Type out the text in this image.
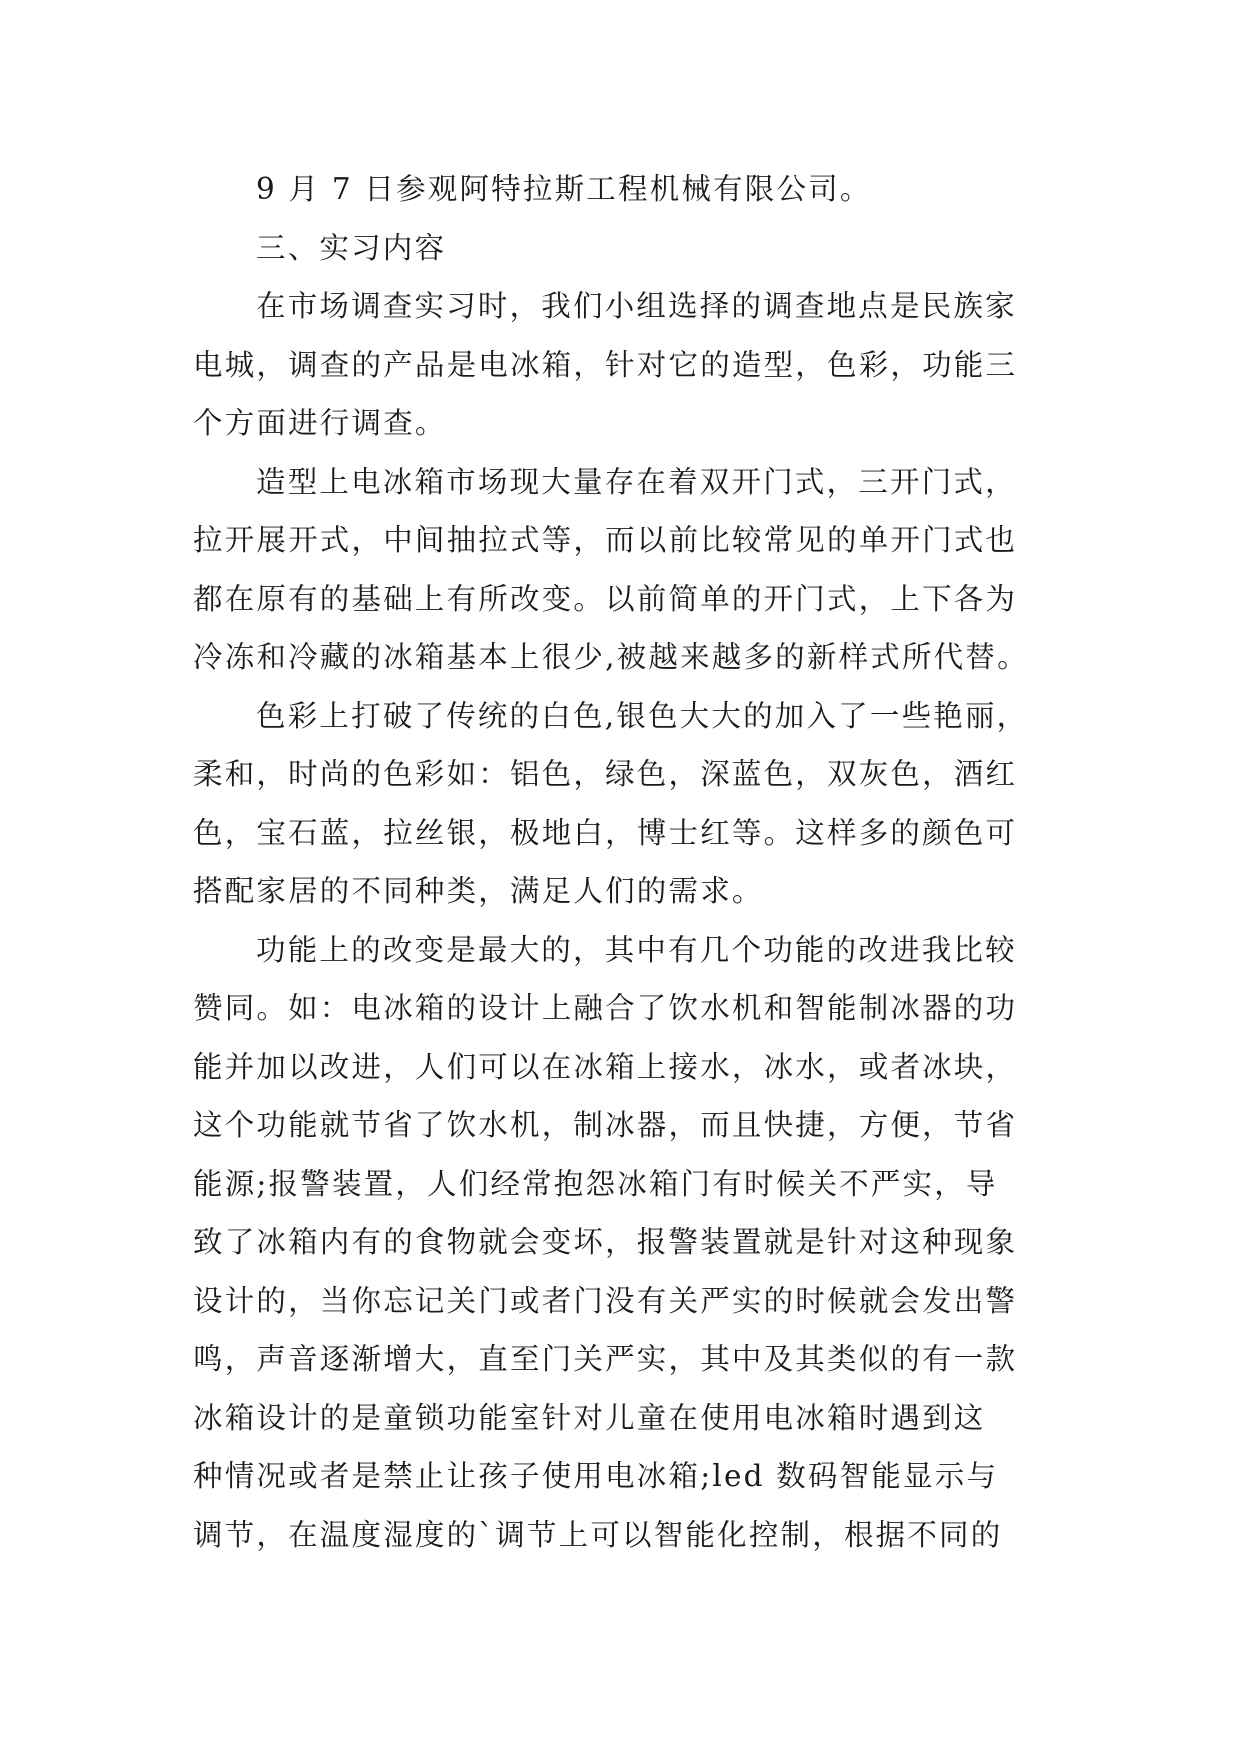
9 月 7 日参观阿特拉斯工程机械有限公司。
三、实习内容
在市场调查实习时，我们小组选择的调查地点是民族家
电城，调查的产品是电冰箱，针对它的造型，色彩，功能三
个方面进行调查。
造型上电冰箱市场现大量存在着双开门式，三开门式，
拉开展开式，中间抽拉式等，而以前比较常见的单开门式也
都在原有的基础上有所改变。以前简单的开门式，上下各为
冷冻和冷藏的冰箱基本上很少,被越来越多的新样式所代替。
色彩上打破了传统的白色,银色大大的加入了一些艳丽，
柔和，时尚的色彩如：铝色，绿色，深蓝色，双灰色，酒红
色，宝石蓝，拉丝银，极地白，博士红等。这样多的颜色可
搭配家居的不同种类，满足人们的需求。
功能上的改变是最大的，其中有几个功能的改进我比较
赞同。如：电冰箱的设计上融合了饮水机和智能制冰器的功
能并加以改进，人们可以在冰箱上接水，冰水，或者冰块，
这个功能就节省了饮水机，制冰器，而且快捷，方便，节省
能源;报警装置，人们经常抱怨冰箱门有时候关不严实，导
致了冰箱内有的食物就会变坏，报警装置就是针对这种现象
设计的，当你忘记关门或者门没有关严实的时候就会发出警
鸣，声音逐渐增大，直至门关严实，其中及其类似的有一款
冰箱设计的是童锁功能室针对儿童在使用电冰箱时遇到这
种情况或者是禁止让孩子使用电冰箱;led 数码智能显示与
调节，在温度湿度的`调节上可以智能化控制，根据不同的
